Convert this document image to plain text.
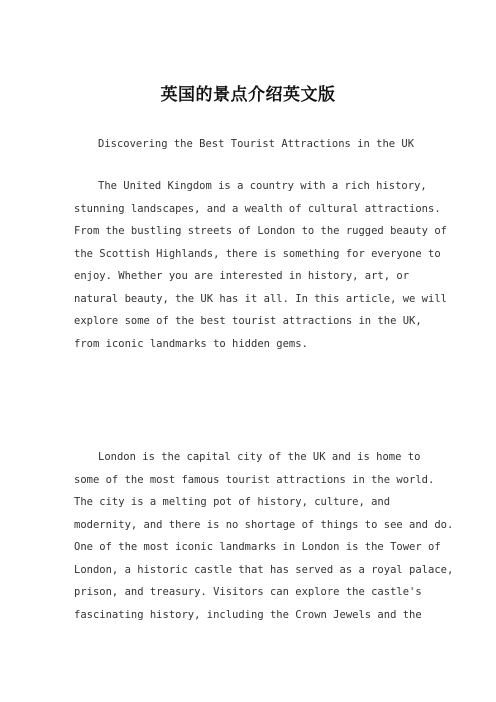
英国的景点介绍英文版
Discovering the Best Tourist Attractions in the UK
The United Kingdom is a country with a rich history,
stunning landscapes, and a wealth of cultural attractions.
From the bustling streets of London to the rugged beauty of
the Scottish Highlands, there is something for everyone to
enjoy. Whether you are interested in history, art, or
natural beauty, the UK has it all. In this article, we will
explore some of the best tourist attractions in the UK,
from iconic landmarks to hidden gems.
London is the capital city of the UK and is home to
some of the most famous tourist attractions in the world.
The city is a melting pot of history, culture, and
modernity, and there is no shortage of things to see and do.
One of the most iconic landmarks in London is the Tower of
London, a historic castle that has served as a royal palace,
prison, and treasury. Visitors can explore the castle's
fascinating history, including the Crown Jewels and the
